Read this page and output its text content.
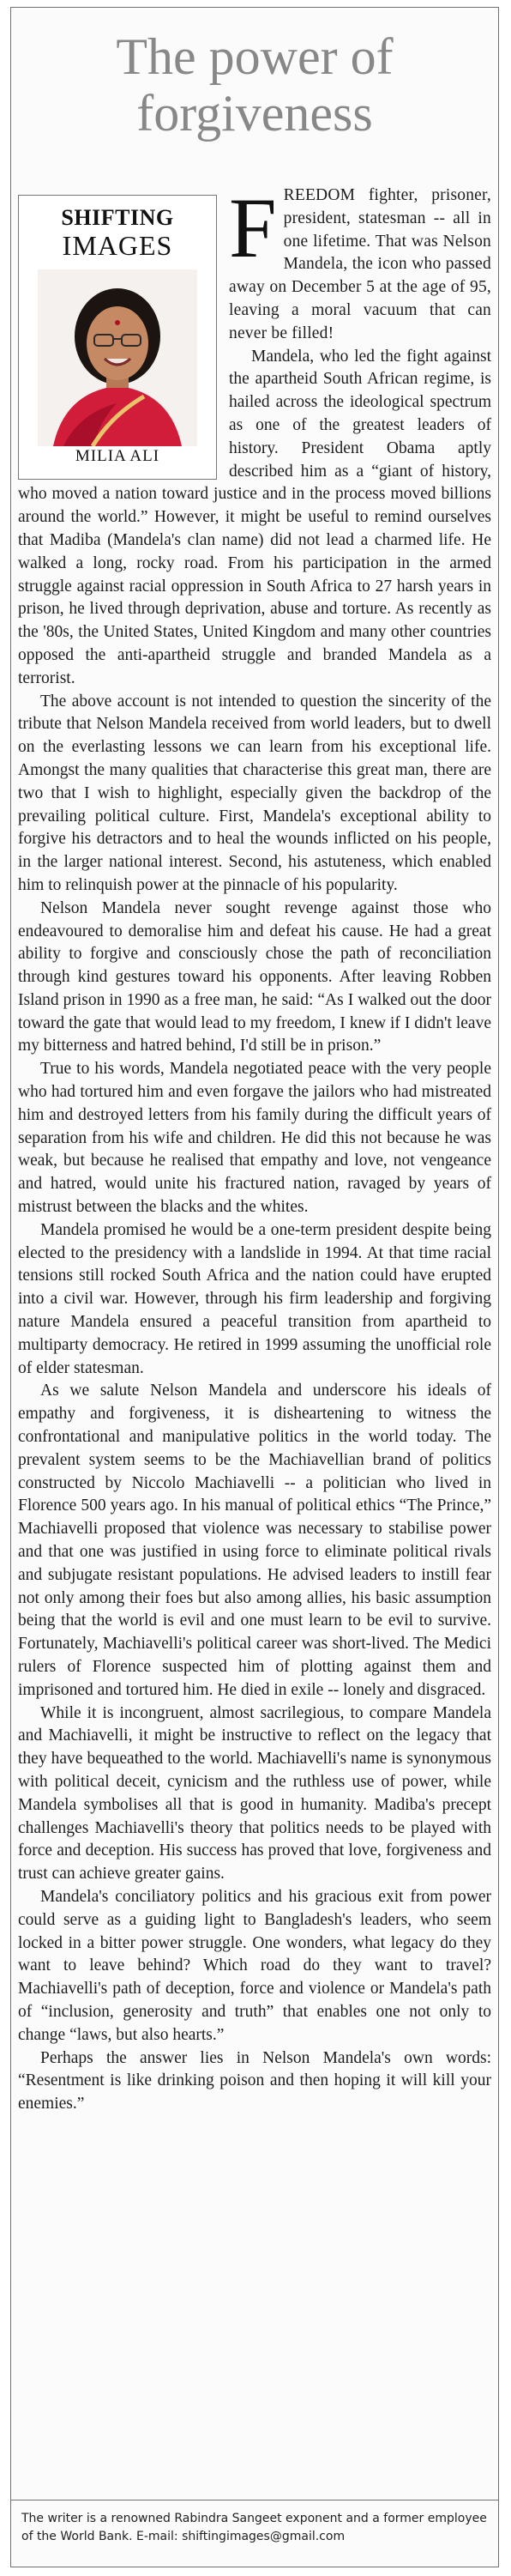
The power of forgiveness
SHIFTING
IMAGES
MILIA ALI

FREEDOM fighter, prisoner, president, statesman -- all in one lifetime. That was Nelson Mandela, the icon who passed away on December 5 at the age of 95, leaving a moral vacuum that can never be filled!

Mandela, who led the fight against the apartheid South African regime, is hailed across the ideological spectrum as one of the greatest leaders of history. President Obama aptly described him as a “giant of history, who moved a nation toward justice and in the process moved billions around the world.” However, it might be useful to remind ourselves that Madiba (Mandela's clan name) did not lead a charmed life. He walked a long, rocky road. From his participation in the armed struggle against racial oppression in South Africa to 27 harsh years in prison, he lived through deprivation, abuse and torture. As recently as the '80s, the United States, United Kingdom and many other countries opposed the anti-apartheid struggle and branded Mandela as a terrorist.

The above account is not intended to question the sincerity of the tribute that Nelson Mandela received from world leaders, but to dwell on the everlasting lessons we can learn from his exceptional life. Amongst the many qualities that characterise this great man, there are two that I wish to highlight, especially given the backdrop of the prevailing political culture. First, Mandela's exceptional ability to forgive his detractors and to heal the wounds inflicted on his people, in the larger national interest. Second, his astuteness, which enabled him to relinquish power at the pinnacle of his popularity.

Nelson Mandela never sought revenge against those who endeavoured to demoralise him and defeat his cause. He had a great ability to forgive and consciously chose the path of reconciliation through kind gestures toward his opponents. After leaving Robben Island prison in 1990 as a free man, he said: “As I walked out the door toward the gate that would lead to my freedom, I knew if I didn't leave my bitterness and hatred behind, I'd still be in prison.”

True to his words, Mandela negotiated peace with the very people who had tortured him and even forgave the jailors who had mistreated him and destroyed letters from his family during the difficult years of separation from his wife and children. He did this not because he was weak, but because he realised that empathy and love, not vengeance and hatred, would unite his fractured nation, ravaged by years of mistrust between the blacks and the whites.

Mandela promised he would be a one-term president despite being elected to the presidency with a landslide in 1994. At that time racial tensions still rocked South Africa and the nation could have erupted into a civil war. However, through his firm leadership and forgiving nature Mandela ensured a peaceful transition from apartheid to multiparty democracy. He retired in 1999 assuming the unofficial role of elder statesman.

As we salute Nelson Mandela and underscore his ideals of empathy and forgiveness, it is disheartening to witness the confrontational and manipulative politics in the world today. The prevalent system seems to be the Machiavellian brand of politics constructed by Niccolo Machiavelli -- a politician who lived in Florence 500 years ago. In his manual of political ethics “The Prince,” Machiavelli proposed that violence was necessary to stabilise power and that one was justified in using force to eliminate political rivals and subjugate resistant populations. He advised leaders to instill fear not only among their foes but also among allies, his basic assumption being that the world is evil and one must learn to be evil to survive. Fortunately, Machiavelli's political career was short-lived. The Medici rulers of Florence suspected him of plotting against them and imprisoned and tortured him. He died in exile -- lonely and disgraced.

While it is incongruent, almost sacrilegious, to compare Mandela and Machiavelli, it might be instructive to reflect on the legacy that they have bequeathed to the world. Machiavelli's name is synonymous with political deceit, cynicism and the ruthless use of power, while Mandela symbolises all that is good in humanity. Madiba's precept challenges Machiavelli's theory that politics needs to be played with force and deception. His success has proved that love, forgiveness and trust can achieve greater gains.

Mandela's conciliatory politics and his gracious exit from power could serve as a guiding light to Bangladesh's leaders, who seem locked in a bitter power struggle. One wonders, what legacy do they want to leave behind? Which road do they want to travel? Machiavelli's path of deception, force and violence or Mandela's path of “inclusion, generosity and truth” that enables one not only to change “laws, but also hearts.”

Perhaps the answer lies in Nelson Mandela's own words: “Resentment is like drinking poison and then hoping it will kill your enemies.”

The writer is a renowned Rabindra Sangeet exponent and a former employee of the World Bank. E-mail: shiftingimages@gmail.com
